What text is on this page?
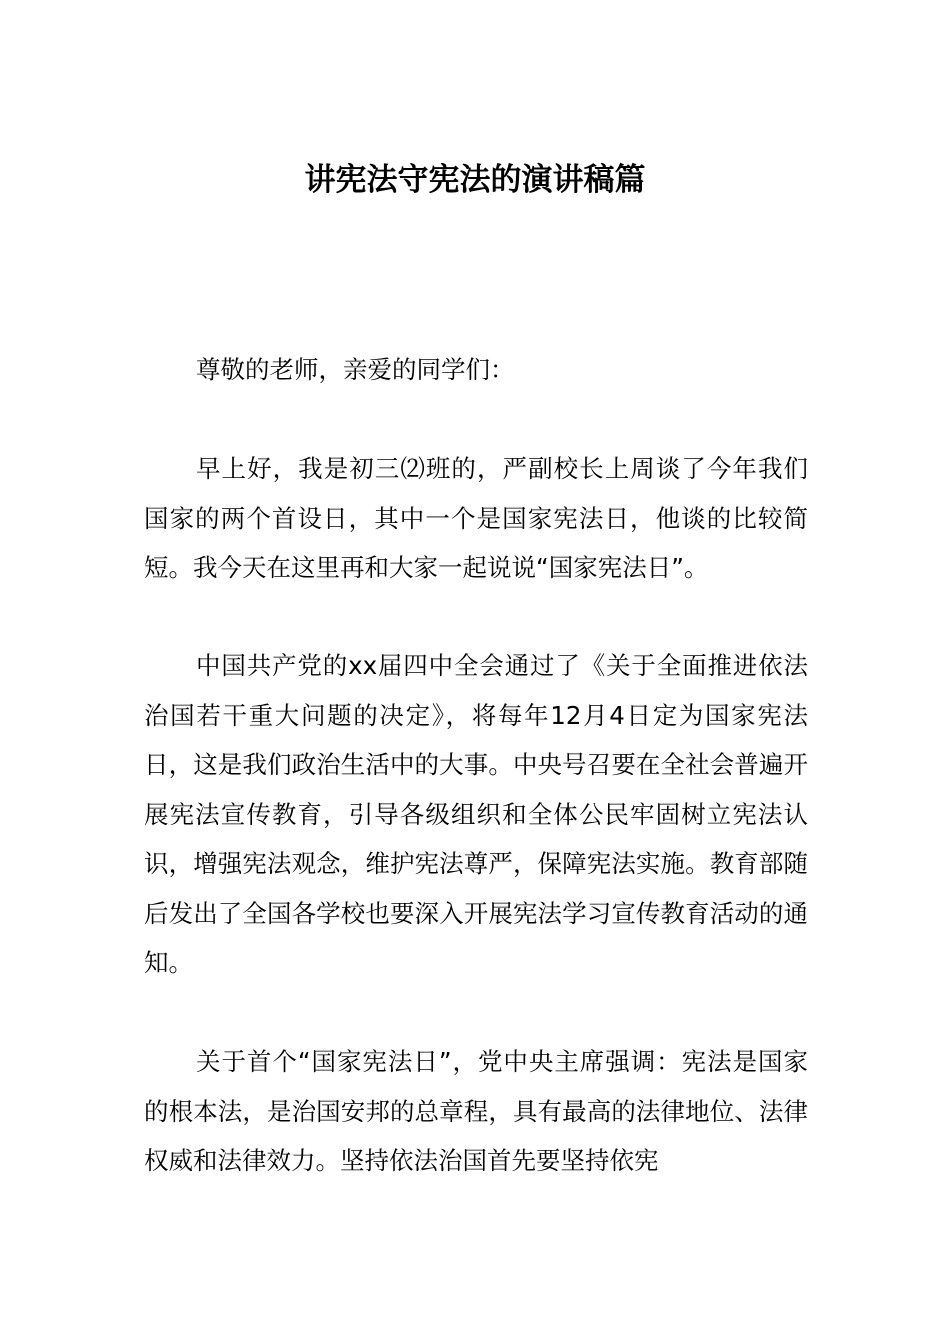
讲宪法守宪法的演讲稿篇

尊敬的老师，亲爱的同学们：

早上好，我是初三⑵班的，严副校长上周谈了今年我们国家的两个首设日，其中一个是国家宪法日，他谈的比较简短。我今天在这里再和大家一起说说“国家宪法日”。

中国共产党的xx届四中全会通过了《关于全面推进依法治国若干重大问题的决定》，将每年12月4日定为国家宪法日，这是我们政治生活中的大事。中央号召要在全社会普遍开展宪法宣传教育，引导各级组织和全体公民牢固树立宪法认识，增强宪法观念，维护宪法尊严，保障宪法实施。教育部随后发出了全国各学校也要深入开展宪法学习宣传教育活动的通知。

关于首个“国家宪法日”，党中央主席强调：宪法是国家的根本法，是治国安邦的总章程，具有最高的法律地位、法律权威和法律效力。坚持依法治国首先要坚持依宪
